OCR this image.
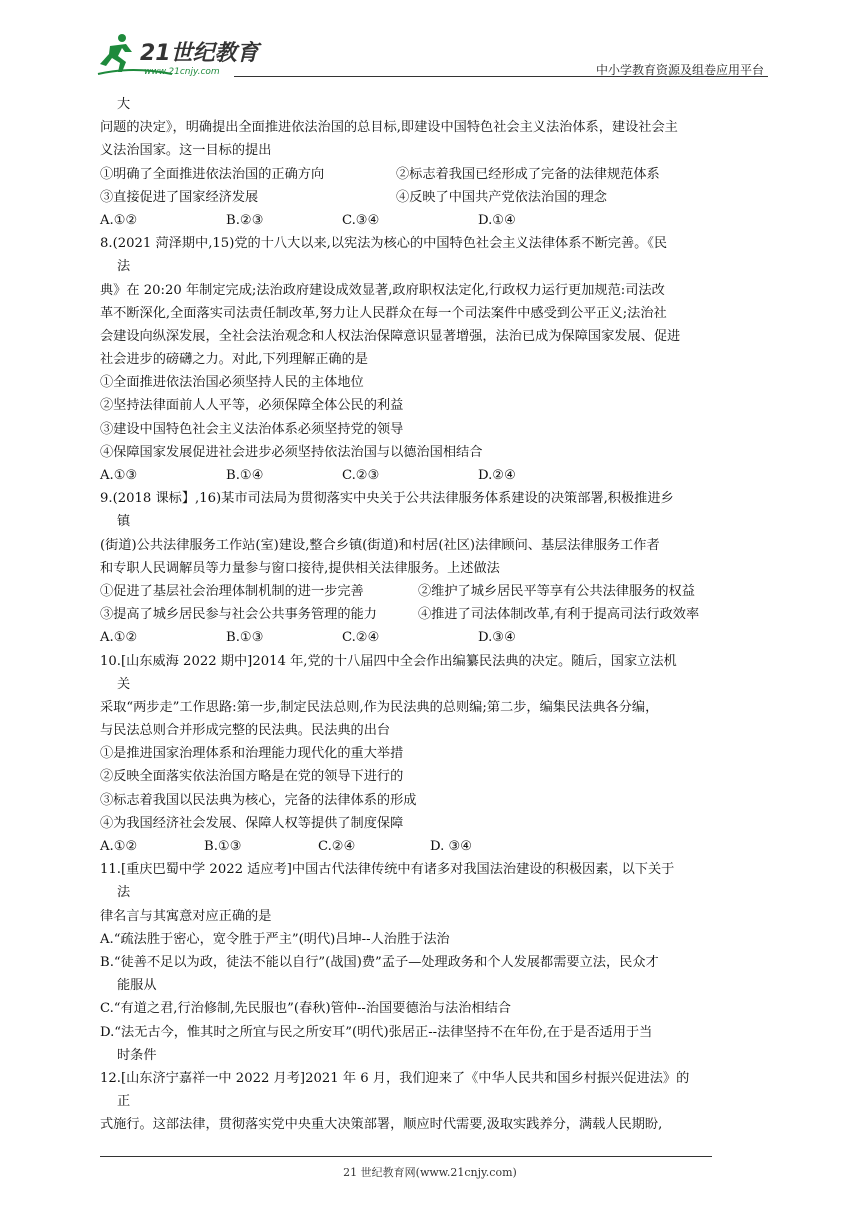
21世纪教育
www.21cnjy.com	中小学教育资源及组卷应用平台
大
问题的决定》，明确提出全面推进依法治国的总目标,即建设中国特色社会主义法治体系，建设社会主
义法治国家。这一目标的提出
①明确了全面推进依法治国的正确方向	②标志着我国已经形成了完备的法律规范体系
③直接促进了国家经济发展	④反映了中国共产党依法治国的理念
A.①②	B.②③	C.③④	D.①④
8.(2021 菏泽期中,15)党的十八大以来,以宪法为核心的中国特色社会主义法律体系不断完善。《民
法
典》在 20:20 年制定完成;法治政府建设成效显著,政府职权法定化,行政权力运行更加规范:司法改
革不断深化,全面落实司法责任制改革,努力让人民群众在每一个司法案件中感受到公平正义;法治社
会建设向纵深发展，全社会法治观念和人权法治保障意识显著增强，法治已成为保障国家发展、促进
社会进步的磅礴之力。对此,下列理解正确的是
①全面推进依法治国必须坚持人民的主体地位
②坚持法律面前人人平等，必须保障全体公民的利益
③建设中国特色社会主义法治体系必须坚持党的领导
④保障国家发展促进社会进步必须坚持依法治国与以德治国相结合
A.①③	B.①④	C.②③	D.②④
9.(2018 课标】,16)某市司法局为贯彻落实中央关于公共法律服务体系建设的决策部署,积极推进乡
镇
(街道)公共法律服务工作站(室)建设,整合乡镇(街道)和村居(社区)法律顾问、基层法律服务工作者
和专职人民调解员等力量参与窗口接待,提供相关法律服务。上述做法
①促进了基层社会治理体制机制的进一步完善	②维护了城乡居民平等享有公共法律服务的权益
③提高了城乡居民参与社会公共事务管理的能力	④推进了司法体制改革,有利于提高司法行政效率
A.①②	B.①③	C.②④	D.③④
10.[山东威海 2022 期中]2014 年,党的十八届四中全会作出编纂民法典的决定。随后，国家立法机
关
采取“两步走”工作思路:第一步,制定民法总则,作为民法典的总则编;第二步，编集民法典各分编，
与民法总则合并形成完整的民法典。民法典的出台
①是推进国家治理体系和治理能力现代化的重大举措
②反映全面落实依法治国方略是在党的领导下进行的
③标志着我国以民法典为核心，完备的法律体系的形成
④为我国经济社会发展、保障人权等提供了制度保障
A.①②	B.①③	C.②④	D. ③④
11.[重庆巴蜀中学 2022 适应考]中国古代法律传统中有诸多对我国法治建设的积极因素，以下关于
法
律名言与其寓意对应正确的是
A.“疏法胜于密心，宽令胜于严主”(明代)吕坤--人治胜于法治
B.“徒善不足以为政，徒法不能以自行”(战国)费”孟子—处理政务和个人发展都需要立法，民众才
能服从
C.“有道之君,行治修制,先民服也”(春秋)管仲--治国要德治与法治相结合
D.“法无古今，惟其时之所宜与民之所安耳”(明代)张居正--法律坚持不在年份,在于是否适用于当
时条件
12.[山东济宁嘉祥一中 2022 月考]2021 年 6 月，我们迎来了《中华人民共和国乡村振兴促进法》的
正
式施行。这部法律，贯彻落实党中央重大决策部署，顺应时代需要,汲取实践养分，满载人民期盼,
21 世纪教育网(www.21cnjy.com)
